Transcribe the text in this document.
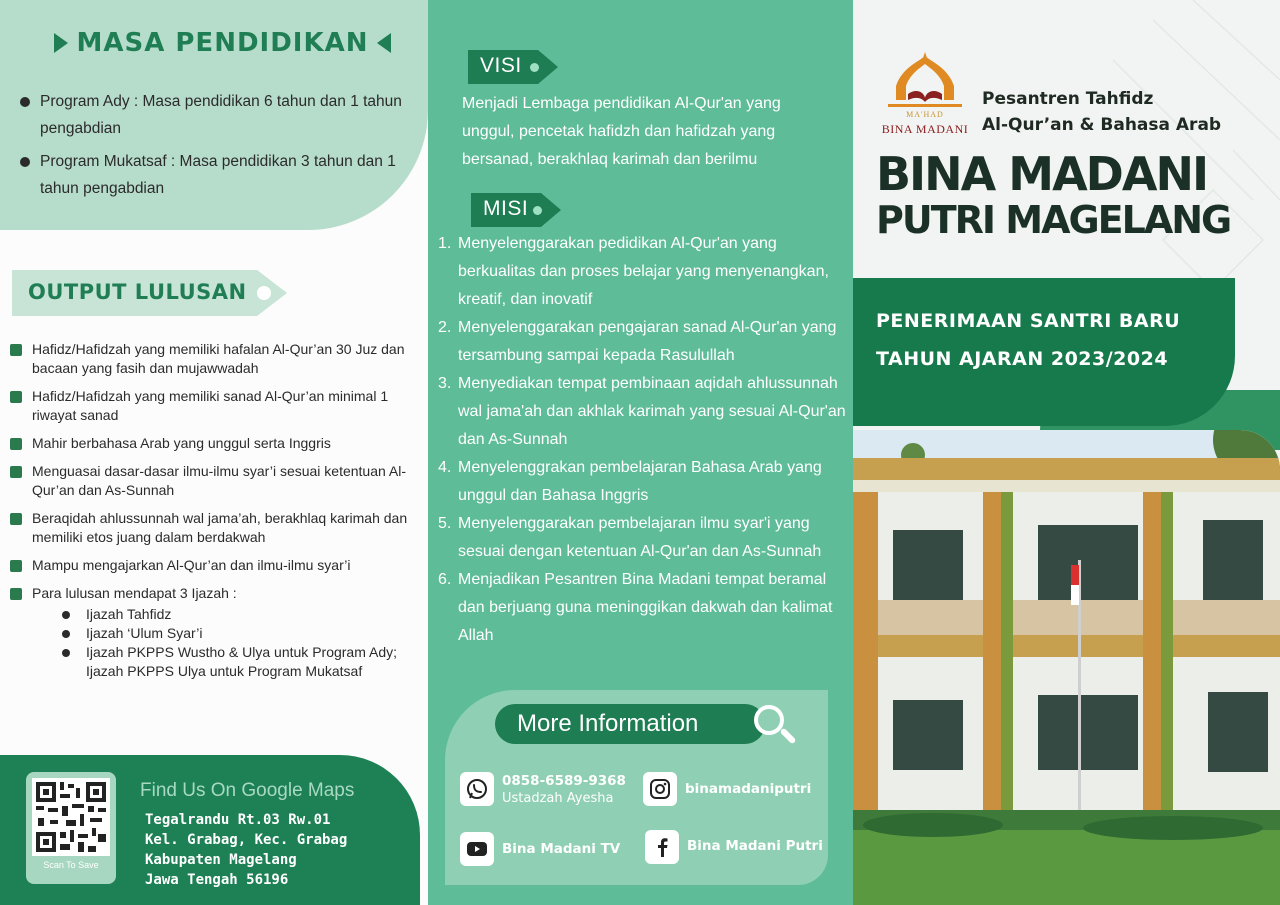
MASA PENDIDIKAN
Program Ady : Masa pendidikan 6 tahun dan 1 tahun pengabdian
Program Mukatsaf : Masa pendidikan 3 tahun dan 1 tahun pengabdian
OUTPUT LULUSAN
Hafidz/Hafidzah yang memiliki hafalan Al-Qur’an 30 Juz dan bacaan yang fasih dan mujawwadah
Hafidz/Hafidzah yang memiliki sanad Al-Qur’an minimal 1 riwayat sanad
Mahir berbahasa Arab yang unggul serta Inggris
Menguasai dasar-dasar ilmu-ilmu syar’i sesuai ketentuan Al-Qur’an dan As-Sunnah
Beraqidah ahlussunnah wal jama’ah, berakhlaq karimah dan memiliki etos juang dalam berdakwah
Mampu mengajarkan Al-Qur’an dan ilmu-ilmu syar’i
Para lulusan mendapat 3 Ijazah :
Ijazah Tahfidz
Ijazah ‘Ulum Syar’i
Ijazah PKPPS Wustho & Ulya untuk Program Ady; Ijazah PKPPS Ulya untuk Program Mukatsaf
Scan To Save
Find Us On Google Maps
Tegalrandu Rt.03 Rw.01
Kel. Grabag, Kec. Grabag
Kabupaten Magelang
Jawa Tengah 56196
VISI
Menjadi Lembaga pendidikan Al-Qur'an yang unggul, pencetak hafidzh dan hafidzah yang bersanad, berakhlaq karimah dan berilmu
MISI
1. Menyelenggarakan pedidikan Al-Qur'an yang berkualitas dan proses belajar yang menyenangkan, kreatif, dan inovatif
2. Menyelenggarakan pengajaran sanad Al-Qur'an yang tersambung sampai kepada Rasulullah
3. Menyediakan tempat pembinaan aqidah ahlussunnah wal jama'ah dan akhlak karimah yang sesuai Al-Qur'an dan As-Sunnah
4. Menyelenggrakan pembelajaran Bahasa Arab yang unggul dan Bahasa Inggris
5. Menyelenggarakan pembelajaran ilmu syar'i yang sesuai dengan ketentuan Al-Qur'an dan As-Sunnah
6. Menjadikan Pesantren Bina Madani tempat beramal dan berjuang guna meninggikan dakwah dan kalimat Allah
More Information
0858-6589-9368
Ustadzah Ayesha
binamadaniputri
Bina Madani TV	Bina Madani Putri
MA'HAD
BINA MADANI
Pesantren Tahfidz
Al-Qur’an & Bahasa Arab
BINA MADANI
PUTRI MAGELANG
PENERIMAAN SANTRI BARU
TAHUN AJARAN 2023/2024
